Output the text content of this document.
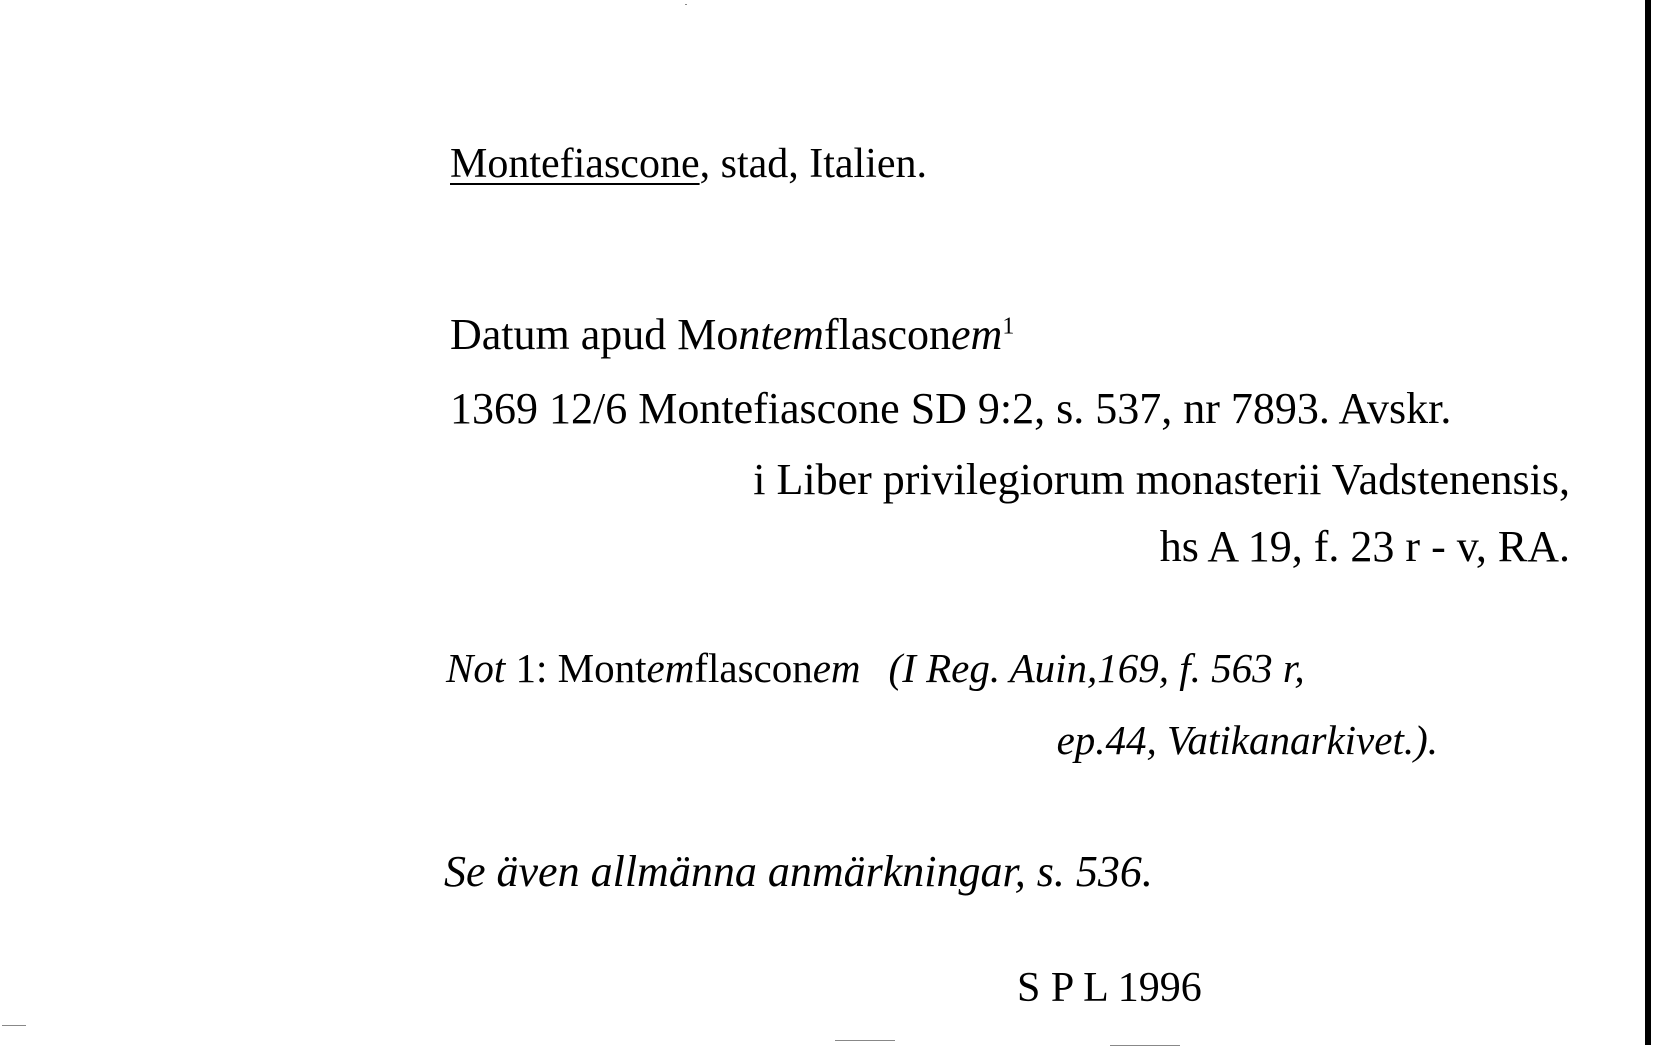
Montefiascone, stad, Italien.
Datum apud Montemflasconem$^1$
1369 12/6 Montefiascone SD 9:2, s. 537, nr 7893. Avskr.
i Liber privilegiorum monasterii Vadstenensis,
hs A 19, f. 23 r - v, RA.
Not 1: Montemflasconem (I Reg. Auin,169, f. 563 r,
ep.44, Vatikanarkivet.).
Se även allmänna anmärkningar, s. 536.
S P L 1996
